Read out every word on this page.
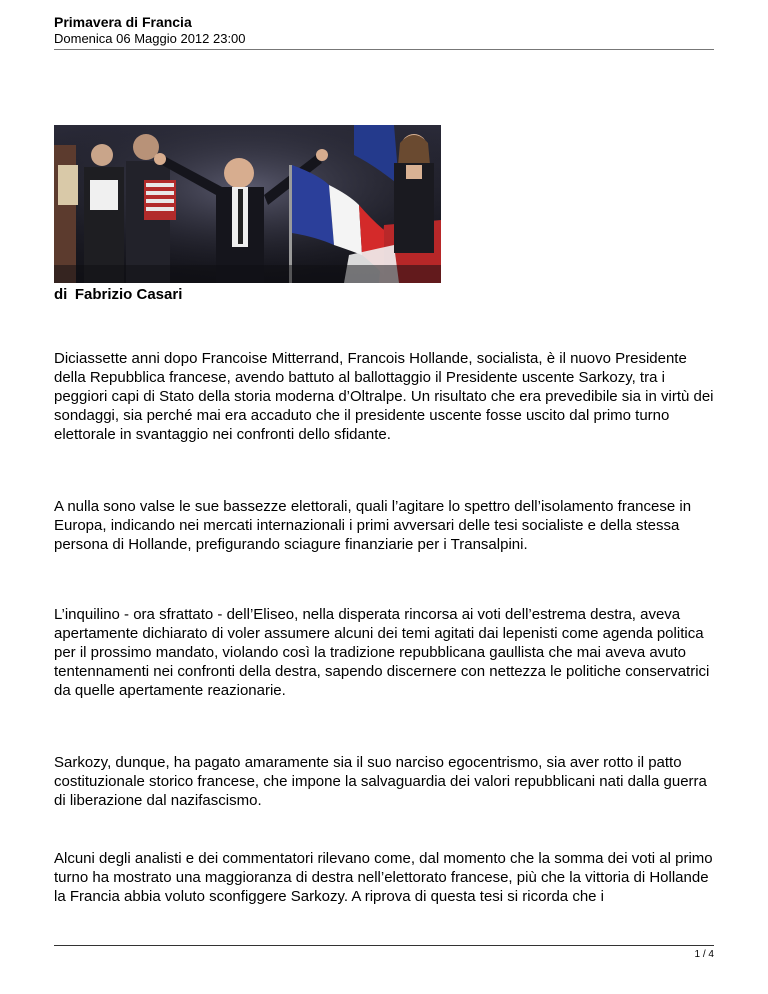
Primavera di Francia
Domenica 06 Maggio 2012 23:00
di Fabrizio Casari

Diciassette anni dopo Francoise Mitterrand, Francois Hollande, socialista, è il nuovo Presidente della Repubblica francese, avendo battuto al ballottaggio il Presidente uscente Sarkozy, tra i peggiori capi di Stato della storia moderna d’Oltralpe. Un risultato che era prevedibile sia in virtù dei sondaggi, sia perché mai era accaduto che il presidente uscente fosse uscito dal primo turno elettorale in svantaggio nei confronti dello sfidante.

A nulla sono valse le sue bassezze elettorali, quali l’agitare lo spettro dell’isolamento francese in Europa, indicando nei mercati internazionali i primi avversari delle tesi socialiste e della stessa persona di Hollande, prefigurando sciagure finanziarie per i Transalpini.

L’inquilino - ora sfrattato - dell’Eliseo, nella disperata rincorsa ai voti dell’estrema destra, aveva apertamente dichiarato di voler assumere alcuni dei temi agitati dai lepenisti come agenda politica per il prossimo mandato, violando così la tradizione repubblicana gaullista che mai aveva avuto tentennamenti nei confronti della destra, sapendo discernere con nettezza le politiche conservatrici da quelle apertamente reazionarie.

Sarkozy, dunque, ha pagato amaramente sia il suo narciso egocentrismo, sia aver rotto il patto costituzionale storico francese, che impone la salvaguardia dei valori repubblicani nati dalla guerra di liberazione dal nazifascismo.

Alcuni degli analisti e dei commentatori rilevano come, dal momento che la somma dei voti al primo turno ha mostrato una maggioranza di destra nell’elettorato francese, più che la vittoria di Hollande la Francia abbia voluto sconfiggere Sarkozy. A riprova di questa tesi si ricorda che i

1 / 4
